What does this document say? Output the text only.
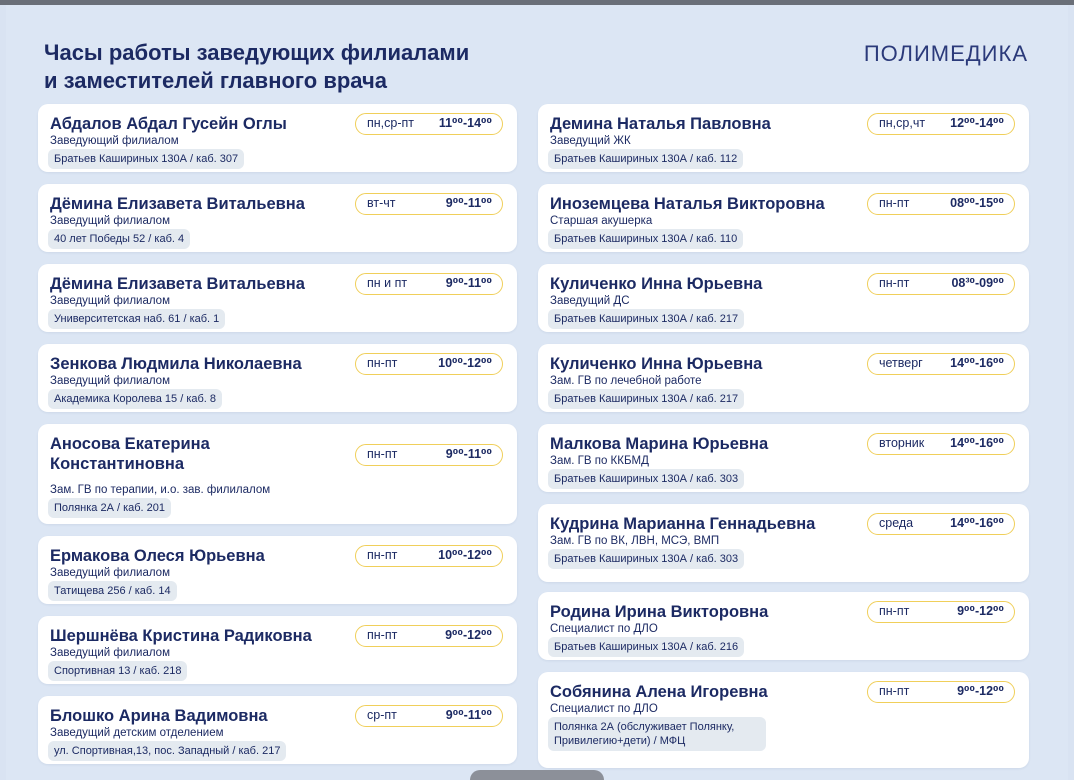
Часы работы заведующих филиалами
и заместителей главного врача
ПОЛИМЕДИКА
Абдалов Абдал Гусейн Оглы
Заведующий филиалом
Братьев Кашириных 130А / каб. 307
пн,ср-пт 11⁰⁰-14⁰⁰
Дёмина Елизавета Витальевна
Заведущий филиалом
40 лет Победы 52 / каб. 4
вт-чт	9⁰⁰-11⁰⁰
Дёмина Елизавета Витальевна
Заведущий филиалом
Университетская наб. 61 / каб. 1
пн и пт	9⁰⁰-11⁰⁰
Зенкова Людмила Николаевна
Заведущий филиалом
Академика Королева 15 / каб. 8
пн-пт	10⁰⁰-12⁰⁰
Аносова Екатерина Константиновна
Зам. ГВ по терапии, и.о. зав. филилалом
Полянка 2А / каб. 201
пн-пт	9⁰⁰-11⁰⁰
Ермакова Олеся Юрьевна
Заведущий филиалом
Татищева 256 / каб. 14
пн-пт	10⁰⁰-12⁰⁰
Шершнёва Кристина Радиковна
Заведущий филиалом
Спортивная 13 / каб. 218
пн-пт	9⁰⁰-12⁰⁰
Блошко Арина Вадимовна
Заведущий детским отделением
ул. Спортивная,13, пос. Западный / каб. 217
ср-пт	9⁰⁰-11⁰⁰
Демина Наталья Павловна
Заведущий ЖК
Братьев Кашириных 130А / каб. 112
пн,ср,чт 12⁰⁰-14⁰⁰
Иноземцева Наталья Викторовна
Старшая акушерка
Братьев Кашириных 130А / каб. 110
пн-пт	08⁰⁰-15⁰⁰
Куличенко Инна Юрьевна
Заведущий ДС
Братьев Кашириных 130А / каб. 217
пн-пт	08³⁰-09⁰⁰
Куличенко Инна Юрьевна
Зам. ГВ по лечебной работе
Братьев Кашириных 130А / каб. 217
четверг 14⁰⁰-16⁰⁰
Малкова Марина Юрьевна
Зам. ГВ по ККБМД
Братьев Кашириных 130А / каб. 303
вторник 14⁰⁰-16⁰⁰
Кудрина Марианна Геннадьевна
Зам. ГВ по ВК, ЛВН, МСЭ, ВМП
Братьев Кашириных 130А / каб. 303
среда	14⁰⁰-16⁰⁰
Родина Ирина Викторовна
Специалист по ДЛО
Братьев Кашириных 130А / каб. 216
пн-пт	9⁰⁰-12⁰⁰
Собянина Алена Игоревна
Специалист по ДЛО
Полянка 2А (обслуживает Полянку, Привилегию+дети) / МФЦ
пн-пт	9⁰⁰-12⁰⁰
